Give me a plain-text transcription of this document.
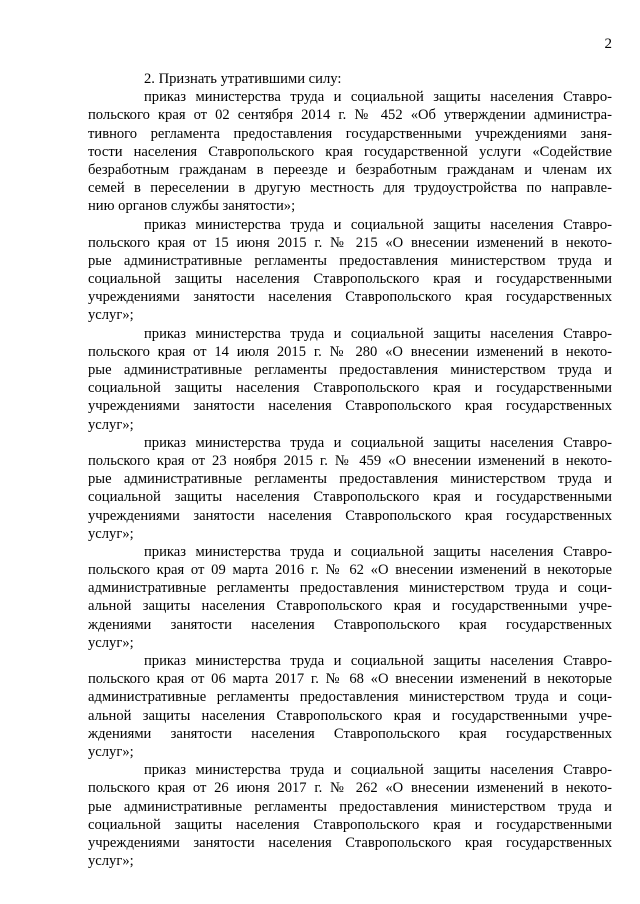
2
2. Признать утратившими силу:
приказ министерства труда и социальной защиты населения Ставро-
польского края от 02 сентября 2014 г. № 452 «Об утверждении администра-
тивного регламента предоставления государственными учреждениями заня-
тости населения Ставропольского края государственной услуги «Содействие
безработным гражданам в переезде и безработным гражданам и членам их
семей в переселении в другую местность для трудоустройства по направле-
нию органов службы занятости»;
приказ министерства труда и социальной защиты населения Ставро-
польского края от 15 июня 2015 г. № 215 «О внесении изменений в некото-
рые административные регламенты предоставления министерством труда и
социальной защиты населения Ставропольского края и государственными
учреждениями занятости населения Ставропольского края государственных
услуг»;
приказ министерства труда и социальной защиты населения Ставро-
польского края от 14 июля 2015 г. № 280 «О внесении изменений в некото-
рые административные регламенты предоставления министерством труда и
социальной защиты населения Ставропольского края и государственными
учреждениями занятости населения Ставропольского края государственных
услуг»;
приказ министерства труда и социальной защиты населения Ставро-
польского края от 23 ноября 2015 г. № 459 «О внесении изменений в некото-
рые административные регламенты предоставления министерством труда и
социальной защиты населения Ставропольского края и государственными
учреждениями занятости населения Ставропольского края государственных
услуг»;
приказ министерства труда и социальной защиты населения Ставро-
польского края от 09 марта 2016 г. № 62 «О внесении изменений в некоторые
административные регламенты предоставления министерством труда и соци-
альной защиты населения Ставропольского края и государственными учре-
ждениями занятости населения Ставропольского края государственных
услуг»;
приказ министерства труда и социальной защиты населения Ставро-
польского края от 06 марта 2017 г. № 68 «О внесении изменений в некоторые
административные регламенты предоставления министерством труда и соци-
альной защиты населения Ставропольского края и государственными учре-
ждениями занятости населения Ставропольского края государственных
услуг»;
приказ министерства труда и социальной защиты населения Ставро-
польского края от 26 июня 2017 г. № 262 «О внесении изменений в некото-
рые административные регламенты предоставления министерством труда и
социальной защиты населения Ставропольского края и государственными
учреждениями занятости населения Ставропольского края государственных
услуг»;
